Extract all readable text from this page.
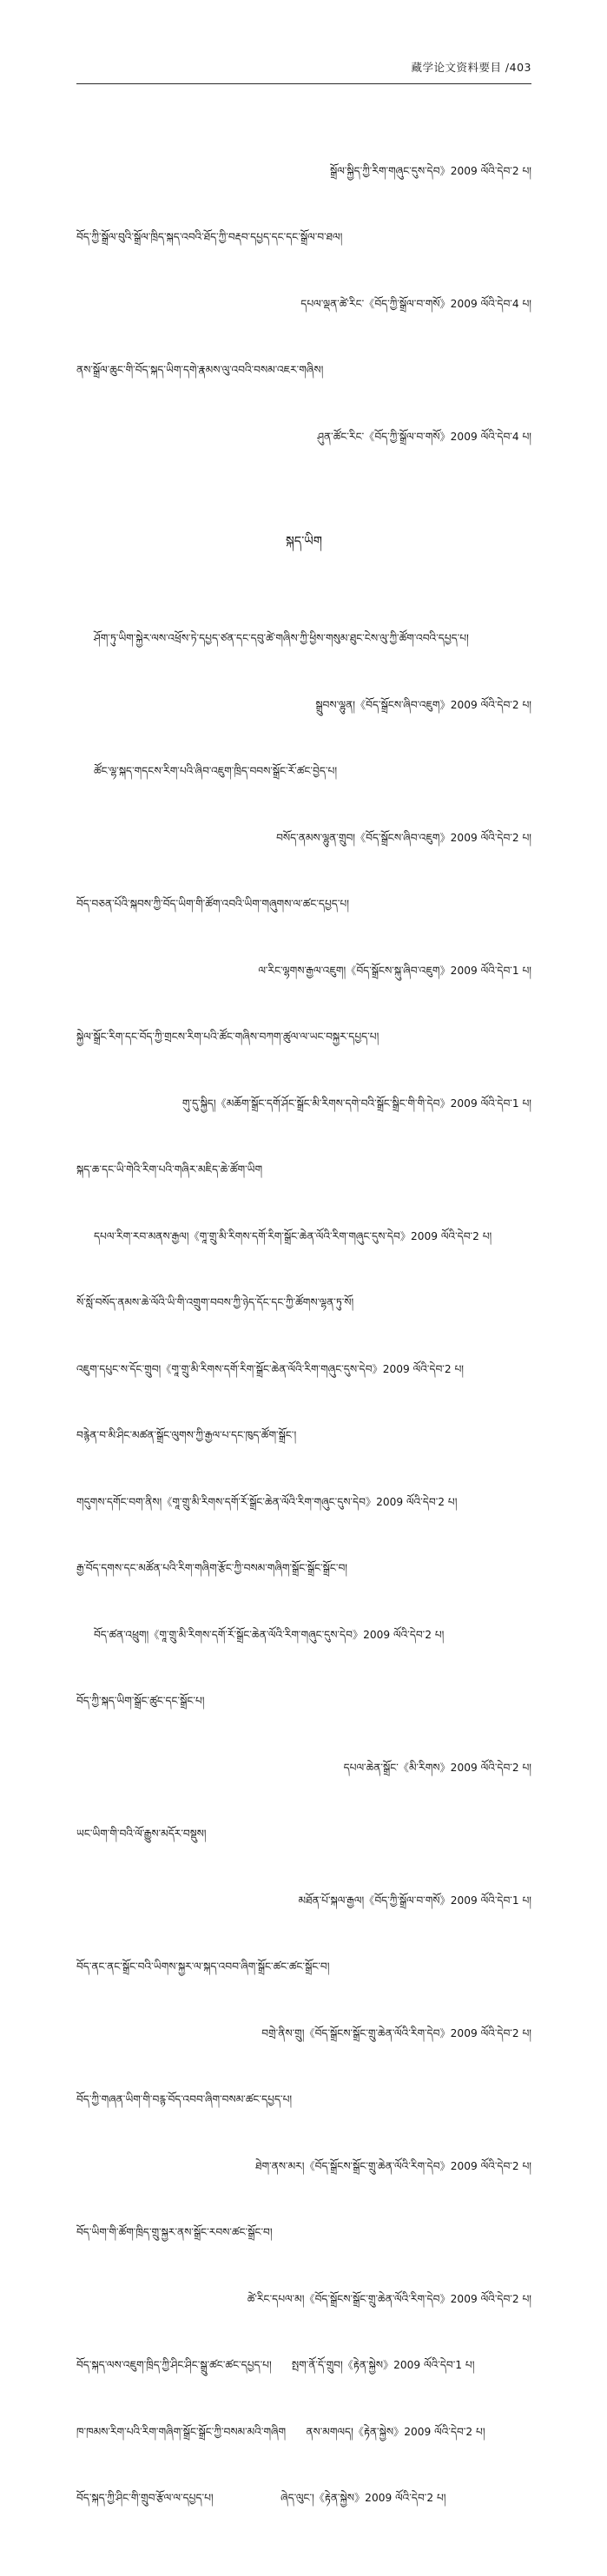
藏学论文资料要目 /403

སྒྲོལ་སྐྱིད་ཀྱི་རིག་གཞུང་དུས་དེབ》2009 ལོའི་དེབ་2 པ།

བོད་ཀྱི་སྒྲོལ་བུའི་སྒྲོལ་ཁྲིད་སྐད་འབའི་ཐོད་ཀྱི་བརྡབ་དཔྱད་དང་དང་སྒྲོལ་བ་ཐལ།

དཔལ་ལྡན་ཚེ་རིང་《བོད་ཀྱི་སྒྲོལ་བ་གསོ》2009 ལོའི་དེབ་4 པ།

ནས་སྒྲོལ་ཆུང་གི་བོད་སྐད་ཡིག་དགེ་རྣམས་ལུ་འབའི་བསམ་འཇར་གཞིས།

ཤུན་ཚོང་རིང་《བོད་ཀྱི་སྒྲོལ་བ་གསོ》2009 ལོའི་དེབ་4 པ།

སྐད་ཡིག

ཤོག་ཏུ་ཡིག་སྐྱེར་ལས་འཕྲོས་ཏེ་དཔྱད་ཙན་དང་དབུ་ཚེ་གཞིས་ཀྱི་ཕྱིས་གསུམ་ཐུང་ངེས་ལུ་ཀྱི་ཚོག་འབའི་དཔྱད་པ།

སྒྲུབས་ལྷུན།《བོད་སྒྲོངས་ཞིབ་འཇུག》2009 ལོའི་དེབ་2 པ།

ཚོང་ལྷ་སྐད་གདངས་རིག་པའི་ཞིབ་འཇུག་ཁྲིད་བབས་སྒྲོང་རོ་ཚང་བྱེད་པ།

བསོད་ནམས་ལྷུན་གྲུབ།《བོད་སྒྲོངས་ཞིབ་འཇུག》2009 ལོའི་དེབ་2 པ།

བོད་བཅན་པོའི་སྐབས་ཀྱི་བོད་ཡིག་གི་ཚོག་འབའི་ཡིག་གཞུགས་ལ་ཚང་དཔྱད་པ།

ལ་རིང་ལྷགས་རྒྱལ་འཇུག།《བོད་སྒྲོངས་སྐུ་ཞིབ་འཇུག》2009 ལོའི་དེབ་1 པ།

སྐྱེལ་སྒྲོང་རིག་དང་བོད་ཀྱི་གྲངས་རིག་པའི་ཚོང་གཞིས་བཀག་ཚུལ་ལ་ཡང་བསྐྱར་དཔྱད་པ།

གུ་དུ་སྐྱིད།《མཆོག་སྒྲོང་དགོ་ཤོང་སྒྲོང་མི་རིགས་དགེ་བའི་སྒྲོང་སྒྲིང་གི་གི་དེབ》2009 ལོའི་དེབ་1 པ།

སྐད་ཆ་དང་ཡི་གེའི་རིག་པའི་གཞིར་མཇིད་ཆེ་ཚོག་ཡིག

དཔལ་རིག་རབ་མནས་རྒྱལ།《གཱ་གྲུ་མི་རིགས་དགོ་རིག་སྒྲོང་ཆེན་ལོའི་རིག་གཞུང་དུས་དེབ》2009 ལོའི་དེབ་2 པ།

སོ་སློ་བསོད་ནམས་ཆེ་ལོའི་ཡི་གི་འགྲུག་བབས་ཀྱི་ཉེད་དོང་དང་ཀྱི་ཚོགས་ལྷན་ཏུ་སོ།

འཇུག་དཔུང་ས་དོང་གྲུབ།《གཱ་གྲུ་མི་རིགས་དགོ་རིག་སྒྲོང་ཆེན་ལོའི་རིག་གཞུང་དུས་དེབ》2009 ལོའི་དེབ་2 པ།

བརྙེན་བ་མི་ཤིང་མཚན་སྒྲོང་ལུགས་ཀྱི་རྒྱལ་པ་དང་ཁུད་ཚོག་སྒྲོང་།

གདུགས་དགོང་བག་ནིས།《གཱ་གྲུ་མི་རིགས་དགོ་རོ་སྒྲོང་ཆེན་ལོའི་རིག་གཞུང་དུས་དེབ》2009 ལོའི་དེབ་2 པ།

རྒྱ་བོད་དགས་དང་མཚོན་པའི་རིག་གཞིག་རྩོང་ཀྱི་བསམ་གཞིག་སྒྲོང་སྒྲོང་སྒྲོང་བ།

བོད་ཚན་འཕྲུག།《གཱ་གྲུ་མི་རིགས་དགོ་རོ་སྒྲོང་ཆེན་ལོའི་རིག་གཞུང་དུས་དེབ》2009 ལོའི་དེབ་2 པ།

བོད་ཀྱི་སྐད་ཡིག་སྒྲོང་ཚུང་དང་སྒྲོང་པ།

དཔལ་ཆེན་སྒྲོང་《མི་རིགས》2009 ལོའི་དེབ་2 པ།

ཡང་ཡིག་གི་བའི་ལོ་རྒྱུས་མདོར་བསྡུས།

མཐོན་པོ་སྐལ་རྒྱལ།《བོད་ཀྱི་སྒྲོལ་བ་གསོ》2009 ལོའི་དེབ་1 པ།

བོད་ནང་ནང་སྒྲོང་བའི་ཡིགས་སྐྱར་ལ་སྐད་འབབ་ཞིག་སྒྲོང་ཚང་ཚང་སྒྲོང་བ།

བགྲེ་ནིས་གྲུ།《བོད་སྒྲོངས་སྒྲོང་གྲུ་ཆེན་ལོའི་རིག་དེབ》2009 ལོའི་དེབ་2 པ།

བོད་ཀྱི་གཞན་ཡིག་གི་བརྙ་བོད་འབབ་ཞིག་བསམ་ཚང་དཔྱད་པ།

ཐེག་ནས་མར།《བོད་སྒྲོངས་སྒྲོང་གྲུ་ཆེན་ལོའི་རིག་དེབ》2009 ལོའི་དེབ་2 པ།

བོད་ཡིག་གི་ཚོག་ཁྲིད་གྲུ་སྐྱར་ནས་སྒྲོང་རབས་ཚང་སྒྲོང་བ།

ཚེ་རིང་དཔལ་མ།《བོད་སྒྲོངས་སྒྲོང་གྲུ་ཆེན་ལོའི་རིག་དེབ》2009 ལོའི་དེབ་2 པ།

བོད་སྐད་ལས་འཇུག་ཁྲིད་ཀྱི་ཤིང་ཤིང་སྒྲུ་ཚང་ཚང་དཔྱད་པ།      སྤག་ནོ་དོ་གྲུབ།《རྟེན་སྐྱེས》2009 ལོའི་དེབ་1 པ།

ཁ་ཁམས་རིག་པའི་རིག་གཞིག་སྒྲོང་སྒྲོང་ཀྱི་བསམ་མའི་གཞིག      ནས་མགལད།《རྟེན་སྐྱེས》2009 ལོའི་དེབ་2 པ།

བོད་སྐད་ཀྱི་ཤིང་གི་གྲུབ་རྩོལ་ལ་དཔྱད་པ།                    ཞེད་ལུང་།《རྟེན་སྐྱེས》2009 ལོའི་དེབ་2 པ།
